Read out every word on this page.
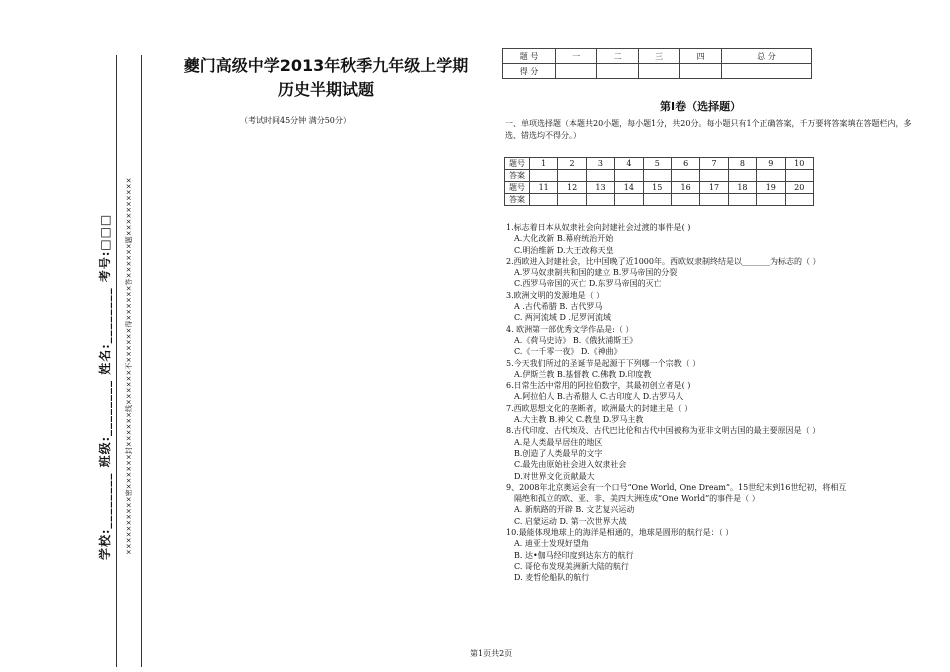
学校:________ 班级:________ 姓名:________ 考号:□□□ ××××××××××密××××××封××××××线××××××不××××××得××××××答××××××题××××××××××
夔门高级中学2013年秋季九年级上学期
历史半期试题
（考试时间45分钟 满分50分）
题 号	一	二	三	四	总 分
得 分					
第Ⅰ卷（选择题）
一、单项选择题（本题共20小题，每小题1分，共20分。每小题只有1个正确答案，千万要将答案填在答题栏内，多选、错选均不得分。）
题号	1	2	3	4	5	6	7	8	9	10
答案										
题号	11	12	13	14	15	16	17	18	19	20
答案										
1.标志着日本从奴隶社会向封建社会过渡的事件是( )
A.大化改新 B.幕府统治开始
C.明治维新 D.大王改称天皇
2.西欧进入封建社会，比中国晚了近1000年。西欧奴隶制终结是以_______为标志的（ ）
A.罗马奴隶制共和国的建立 B.罗马帝国的分裂
C.西罗马帝国的灭亡 D.东罗马帝国的灭亡
3.欧洲文明的发源地是（ ）
A .古代希腊 B. 古代罗马
C. 两河流域 D .尼罗河流域
4. 欧洲第一部优秀文学作品是:（ ）
A.《荷马史诗》 B.《俄狄浦斯王》
C.《一千零一夜》 D.《神曲》
5.今天我们所过的圣诞节是起源于下列哪一个宗教（ ）
A.伊斯兰教 B.基督教 C.佛教 D.印度教
6.日常生活中常用的阿拉伯数字，其最初创立者是( )
A.阿拉伯人 B.古希腊人 C.古印度人 D.古罗马人
7.西欧思想文化的垄断者，欧洲最大的封建主是（ ）
A.大主教 B.神父 C.教皇 D.罗马主教
8.古代印度、古代埃及、古代巴比伦和古代中国被称为亚非文明古国的最主要原因是（ ）
A.是人类最早居住的地区
B.创造了人类最早的文字
C.最先由原始社会进入奴隶社会
D.对世界文化贡献最大
9、2008年北京奥运会有一个口号“One World, One Dream”。15世纪末到16世纪初，将相互
隔绝和孤立的欧、亚、非、美四大洲连成“One World”的事件是（ ）
A. 新航路的开辟 B. 文艺复兴运动
C. 启蒙运动 D. 第一次世界大战
10.最能体现地球上的海洋是相通的，地球是圆形的航行是：（ ）
A. 迪亚士发现好望角
B. 达•伽马经印度到达东方的航行
C. 哥伦布发现美洲新大陆的航行
D. 麦哲伦船队的航行
第1页共2页
